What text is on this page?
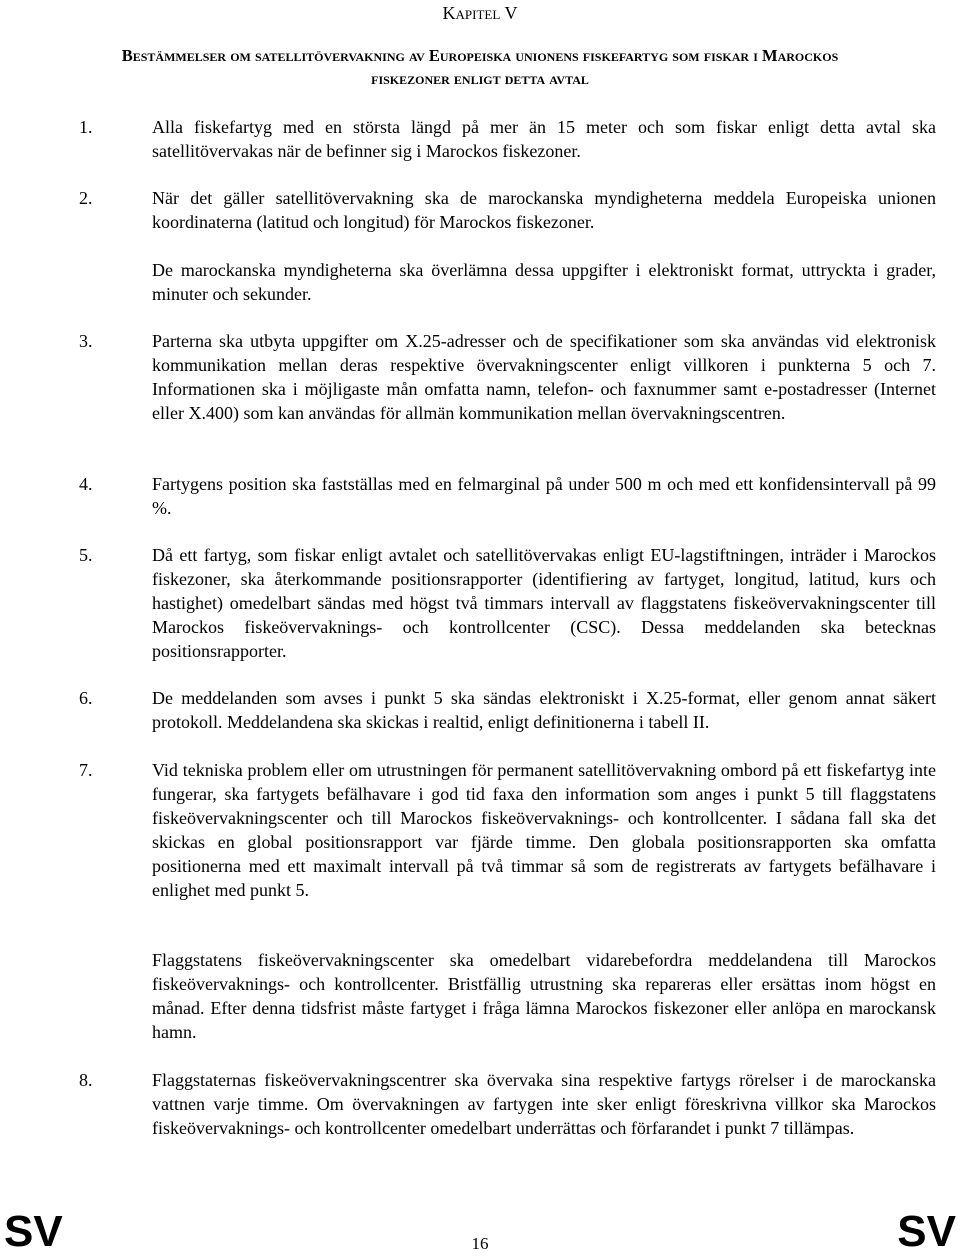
Kapitel V
Bestämmelser om satellitövervakning av Europeiska unionens fiskefartyg som fiskar i Marockos fiskezoner enligt detta avtal
1.	Alla fiskefartyg med en största längd på mer än 15 meter och som fiskar enligt detta avtal ska satellitövervakas när de befinner sig i Marockos fiskezoner.

2.	När det gäller satellitövervakning ska de marockanska myndigheterna meddela Europeiska unionen koordinaterna (latitud och longitud) för Marockos fiskezoner.

De marockanska myndigheterna ska överlämna dessa uppgifter i elektroniskt format, uttryckta i grader, minuter och sekunder.

3.	Parterna ska utbyta uppgifter om X.25-adresser och de specifikationer som ska användas vid elektronisk kommunikation mellan deras respektive övervakningscenter enligt villkoren i punkterna 5 och 7. Informationen ska i möjligaste mån omfatta namn, telefon- och faxnummer samt e-postadresser (Internet eller X.400) som kan användas för allmän kommunikation mellan övervakningscentren.

4.	Fartygens position ska fastställas med en felmarginal på under 500 m och med ett konfidensintervall på 99 %.

5.	Då ett fartyg, som fiskar enligt avtalet och satellitövervakas enligt EU-lagstiftningen, inträder i Marockos fiskezoner, ska återkommande positionsrapporter (identifiering av fartyget, longitud, latitud, kurs och hastighet) omedelbart sändas med högst två timmars intervall av flaggstatens fiskeövervakningscenter till Marockos fiskeövervaknings- och kontrollcenter (CSC). Dessa meddelanden ska betecknas positionsrapporter.

6.	De meddelanden som avses i punkt 5 ska sändas elektroniskt i X.25-format, eller genom annat säkert protokoll. Meddelandena ska skickas i realtid, enligt definitionerna i tabell II.

7.	Vid tekniska problem eller om utrustningen för permanent satellitövervakning ombord på ett fiskefartyg inte fungerar, ska fartygets befälhavare i god tid faxa den information som anges i punkt 5 till flaggstatens fiskeövervakningscenter och till Marockos fiskeövervaknings- och kontrollcenter. I sådana fall ska det skickas en global positionsrapport var fjärde timme. Den globala positionsrapporten ska omfatta positionerna med ett maximalt intervall på två timmar så som de registrerats av fartygets befälhavare i enlighet med punkt 5.

Flaggstatens fiskeövervakningscenter ska omedelbart vidarebefordra meddelandena till Marockos fiskeövervaknings- och kontrollcenter. Bristfällig utrustning ska repareras eller ersättas inom högst en månad. Efter denna tidsfrist måste fartyget i fråga lämna Marockos fiskezoner eller anlöpa en marockansk hamn.

8.	Flaggstaternas fiskeövervakningscentrer ska övervaka sina respektive fartygs rörelser i de marockanska vattnen varje timme. Om övervakningen av fartygen inte sker enligt föreskrivna villkor ska Marockos fiskeövervaknings- och kontrollcenter omedelbart underrättas och förfarandet i punkt 7 tillämpas.

SV	16	SV
